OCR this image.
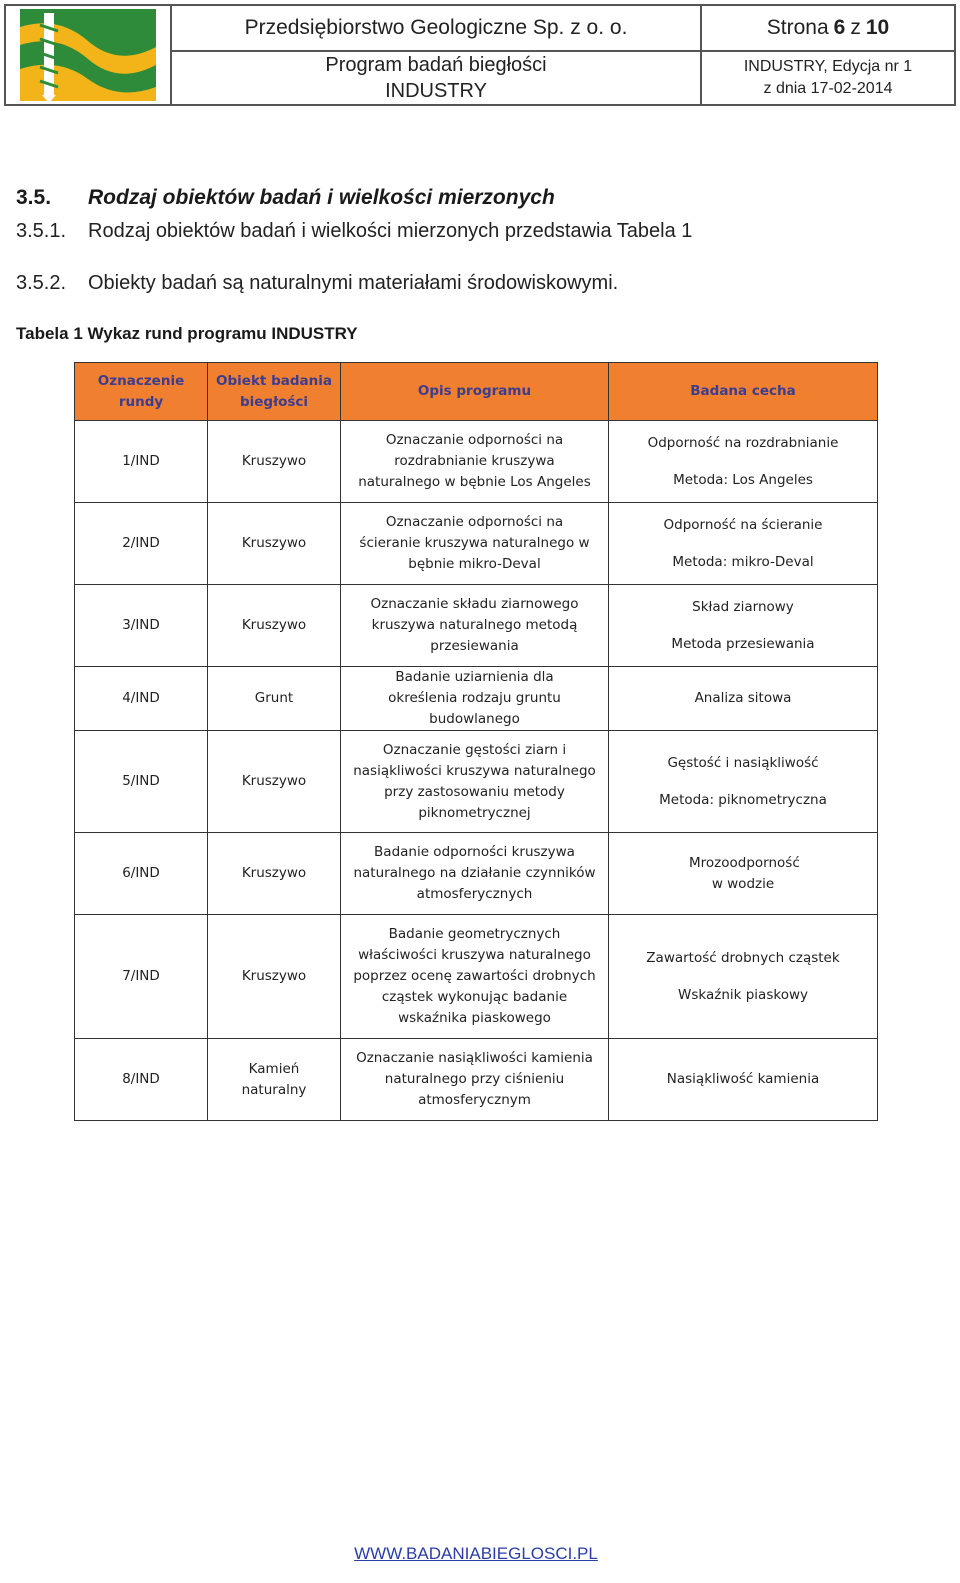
Przedsiębiorstwo Geologiczne Sp. z o. o.
Program badań biegłości
INDUSTRY
Strona 6 z 10
INDUSTRY, Edycja nr 1
z dnia 17-02-2014
3.5. Rodzaj obiektów badań i wielkości mierzonych
3.5.1. Rodzaj obiektów badań i wielkości mierzonych przedstawia Tabela 1
3.5.2. Obiekty badań są naturalnymi materiałami środowiskowymi.
Tabela 1 Wykaz rund programu INDUSTRY
Oznaczenie rundy	Obiekt badania biegłości	Opis programu	Badana cecha
1/IND	Kruszywo	Oznaczanie odporności na rozdrabnianie kruszywa naturalnego w bębnie Los Angeles	Odporność na rozdrabnianie
Metoda: Los Angeles

2/IND	Kruszywo	Oznaczanie odporności na ścieranie kruszywa naturalnego w bębnie mikro-Deval	Odporność na ścieranie
Metoda: mikro-Deval

3/IND	Kruszywo	Oznaczanie składu ziarnowego kruszywa naturalnego metodą przesiewania	Skład ziarnowy
Metoda przesiewania

4/IND	Grunt	Badanie uziarnienia dla określenia rodzaju gruntu budowlanego	Analiza sitowa

5/IND	Kruszywo	Oznaczanie gęstości ziarn i nasiąkliwości kruszywa naturalnego przy zastosowaniu metody piknometrycznej	Gęstość i nasiąkliwość
Metoda: piknometryczna

6/IND	Kruszywo	Badanie odporności kruszywa naturalnego na działanie czynników atmosferycznych	Mrozoodporność w wodzie

7/IND	Kruszywo	Badanie geometrycznych właściwości kruszywa naturalnego poprzez ocenę zawartości drobnych cząstek wykonując badanie wskaźnika piaskowego	Zawartość drobnych cząstek
Wskaźnik piaskowy

8/IND	Kamień naturalny	Oznaczanie nasiąkliwości kamienia naturalnego przy ciśnieniu atmosferycznym	Nasiąkliwość kamienia
WWW.BADANIABIEGLOSCI.PL
